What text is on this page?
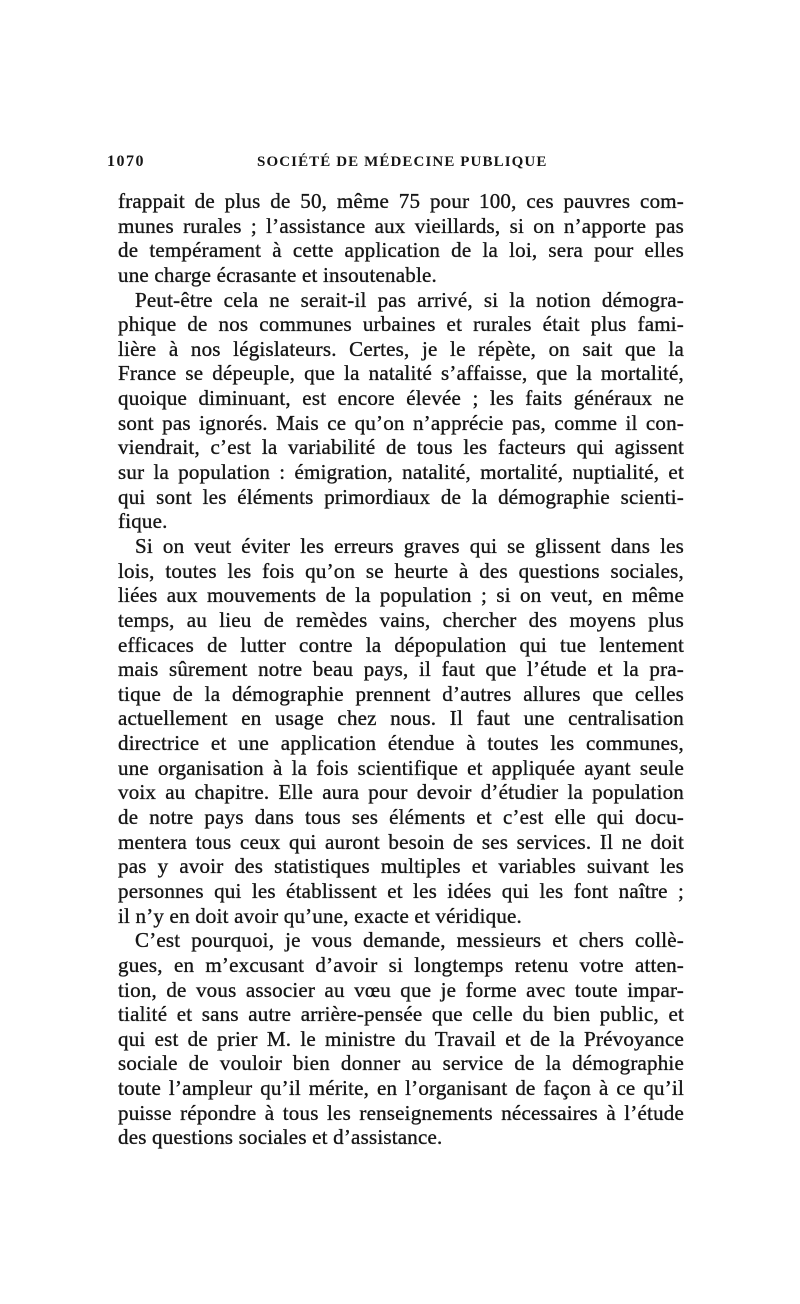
1070	SOCIÉTÉ DE MÉDECINE PUBLIQUE
frappait de plus de 50, même 75 pour 100, ces pauvres com-
munes rurales ; l’assistance aux vieillards, si on n’apporte pas
de tempérament à cette application de la loi, sera pour elles
une charge écrasante et insoutenable.
Peut-être cela ne serait-il pas arrivé, si la notion démogra-
phique de nos communes urbaines et rurales était plus fami-
lière à nos législateurs. Certes, je le répète, on sait que la
France se dépeuple, que la natalité s’affaisse, que la mortalité,
quoique diminuant, est encore élevée ; les faits généraux ne
sont pas ignorés. Mais ce qu’on n’apprécie pas, comme il con-
viendrait, c’est la variabilité de tous les facteurs qui agissent
sur la population : émigration, natalité, mortalité, nuptialité, et
qui sont les éléments primordiaux de la démographie scienti-
fique.
Si on veut éviter les erreurs graves qui se glissent dans les
lois, toutes les fois qu’on se heurte à des questions sociales,
liées aux mouvements de la population ; si on veut, en même
temps, au lieu de remèdes vains, chercher des moyens plus
efficaces de lutter contre la dépopulation qui tue lentement
mais sûrement notre beau pays, il faut que l’étude et la pra-
tique de la démographie prennent d’autres allures que celles
actuellement en usage chez nous. Il faut une centralisation
directrice et une application étendue à toutes les communes,
une organisation à la fois scientifique et appliquée ayant seule
voix au chapitre. Elle aura pour devoir d’étudier la population
de notre pays dans tous ses éléments et c’est elle qui docu-
mentera tous ceux qui auront besoin de ses services. Il ne doit
pas y avoir des statistiques multiples et variables suivant les
personnes qui les établissent et les idées qui les font naître ;
il n’y en doit avoir qu’une, exacte et véridique.
C’est pourquoi, je vous demande, messieurs et chers collè-
gues, en m’excusant d’avoir si longtemps retenu votre atten-
tion, de vous associer au vœu que je forme avec toute impar-
tialité et sans autre arrière-pensée que celle du bien public, et
qui est de prier M. le ministre du Travail et de la Prévoyance
sociale de vouloir bien donner au service de la démographie
toute l’ampleur qu’il mérite, en l’organisant de façon à ce qu’il
puisse répondre à tous les renseignements nécessaires à l’étude
des questions sociales et d’assistance.
